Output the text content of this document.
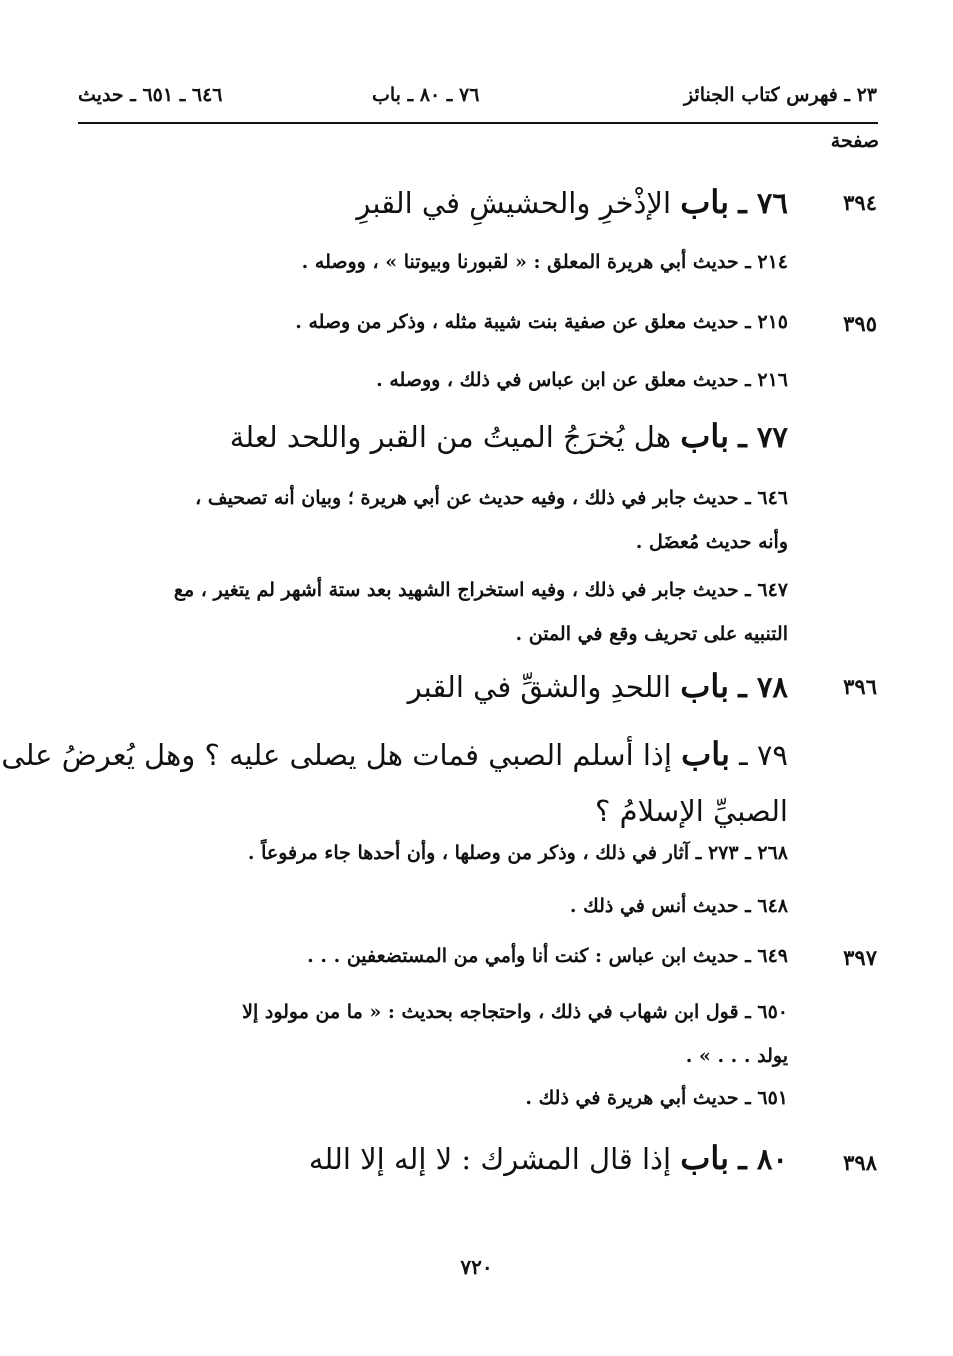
٢٣ ـ فهرس كتاب الجنائز
٧٦ ـ ٨٠ ـ باب
٦٤٦ ـ ٦٥١ ـ حديث
صفحة
٣٩٤
٧٦ ـ باب الإذْخرِ والحشيشِ في القبرِ
٢١٤ ـ حديث أبي هريرة المعلق : « لقبورنا وبيوتنا » ، ووصله .
٣٩٥
٢١٥ ـ حديث معلق عن صفية بنت شيبة مثله ، وذكر من وصله .
٢١٦ ـ حديث معلق عن ابن عباس في ذلك ، ووصله .
٧٧ ـ باب هل يُخرَجُ الميتُ من القبر واللحد لعلة
٦٤٦ ـ حديث جابر في ذلك ، وفيه حديث عن أبي هريرة ؛ وبيان أنه تصحيف ،
وأنه حديث مُعضَل .
٦٤٧ ـ حديث جابر في ذلك ، وفيه استخراج الشهيد بعد ستة أشهر لم يتغير ، مع
التنبيه على تحريف وقع في المتن .
٣٩٦
٧٨ ـ باب اللحدِ والشقِّ في القبر
٧٩ ـ باب إذا أسلم الصبي فمات هل يصلى عليه ؟ وهل يُعرضُ على
الصبيِّ الإسلامُ ؟
٢٦٨ ـ ٢٧٣ ـ آثار في ذلك ، وذكر من وصلها ، وأن أحدها جاء مرفوعاً .
٦٤٨ ـ حديث أنس في ذلك .
٣٩٧
٦٤٩ ـ حديث ابن عباس : كنت أنا وأمي من المستضعفين . . .
٦٥٠ ـ قول ابن شهاب في ذلك ، واحتجاجه بحديث : « ما من مولود إلا
يولد . . . » .
٦٥١ ـ حديث أبي هريرة في ذلك .
٣٩٨
٨٠ ـ باب إذا قال المشرك : لا إله إلا الله
٧٢٠
